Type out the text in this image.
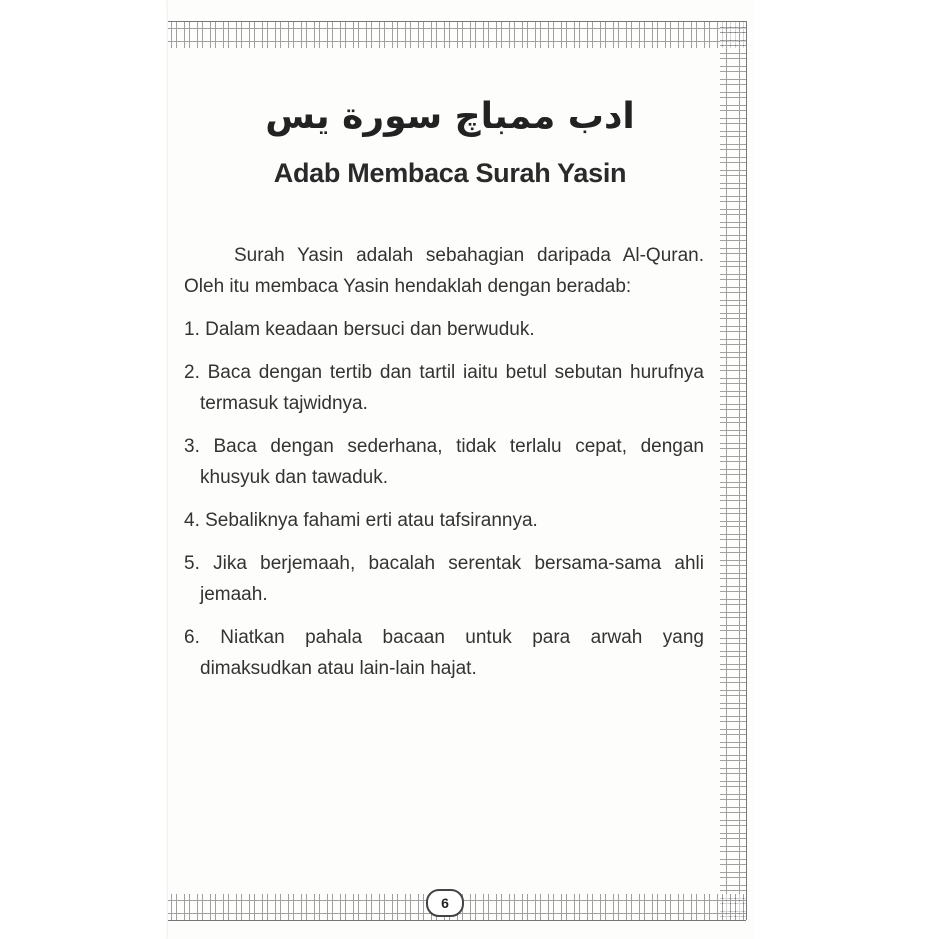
ادب ممباچ سورة يس
Adab Membaca Surah Yasin

Surah Yasin adalah sebahagian daripada Al-Quran. Oleh itu membaca Yasin hendaklah dengan beradab:

1. Dalam keadaan bersuci dan berwuduk.

2. Baca dengan tertib dan tartil iaitu betul sebutan hurufnya termasuk tajwidnya.

3. Baca dengan sederhana, tidak terlalu cepat, dengan khusyuk dan tawaduk.

4. Sebaliknya fahami erti atau tafsirannya.

5. Jika berjemaah, bacalah serentak bersama-sama ahli jemaah.

6. Niatkan pahala bacaan untuk para arwah yang dimaksudkan atau lain-lain hajat.

6
